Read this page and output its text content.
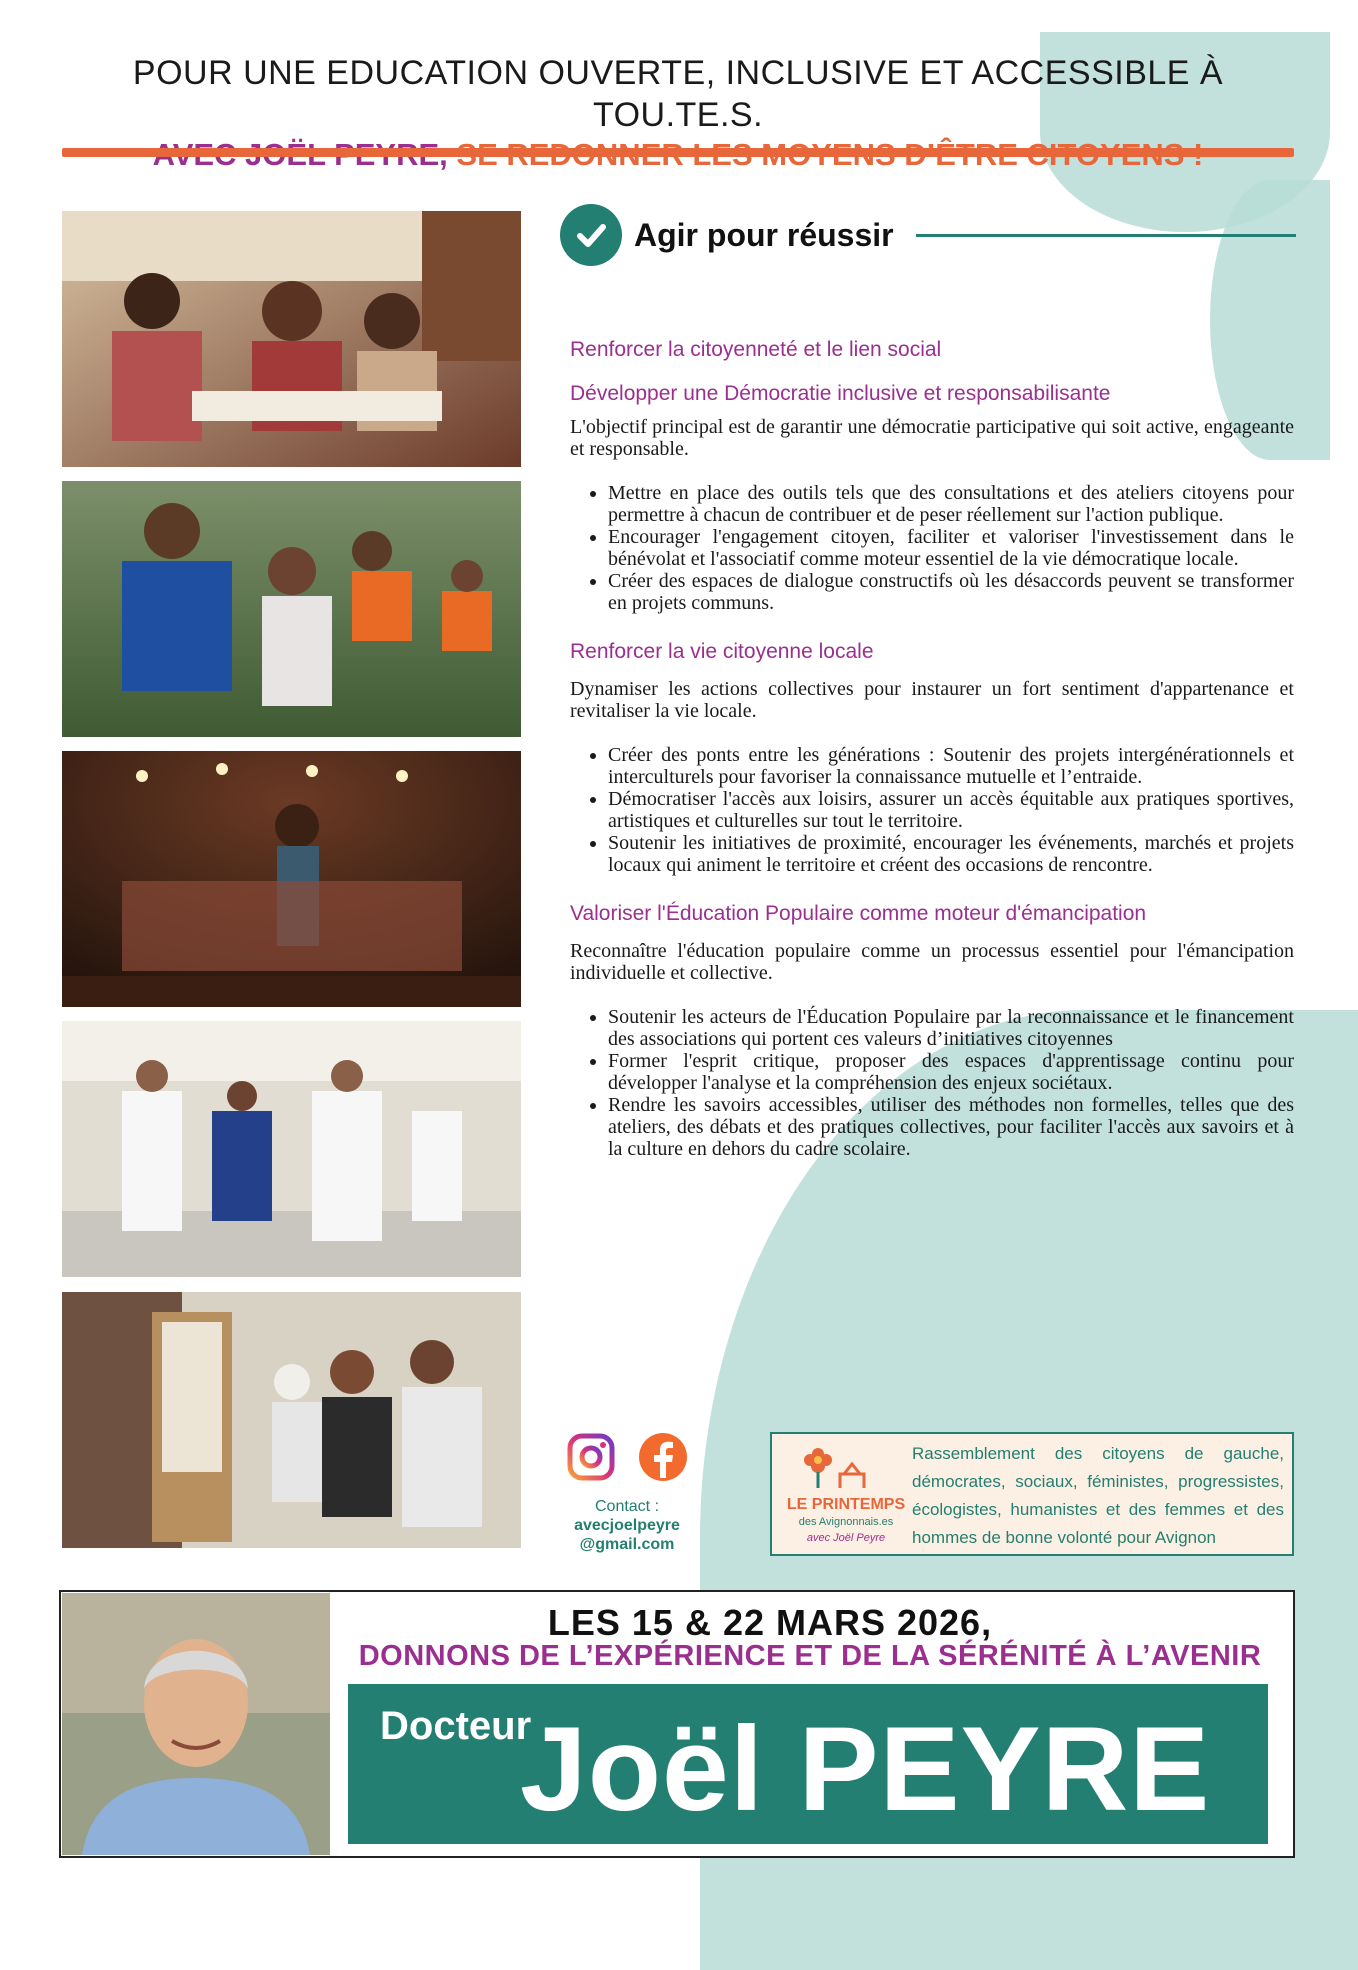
POUR UNE EDUCATION OUVERTE, INCLUSIVE ET ACCESSIBLE À TOU.TE.S.
Agir pour réussir

Renforcer la citoyenneté et le lien social

Développer une Démocratie inclusive et responsabilisante

L'objectif principal est de garantir une démocratie participative qui soit active, engageante et responsable.

• Mettre en place des outils tels que des consultations et des ateliers citoyens pour permettre à chacun de contribuer et de peser réellement sur l'action publique.
• Encourager l'engagement citoyen, faciliter et valoriser l'investissement dans le bénévolat et l'associatif comme moteur essentiel de la vie démocratique locale.
• Créer des espaces de dialogue constructifs où les désaccords peuvent se transformer en projets communs.

Renforcer la vie citoyenne locale

Dynamiser les actions collectives pour instaurer un fort sentiment d'appartenance et revitaliser la vie locale.

• Créer des ponts entre les générations : Soutenir des projets intergénérationnels et interculturels pour favoriser la connaissance mutuelle et l’entraide.
• Démocratiser l'accès aux loisirs, assurer un accès équitable aux pratiques sportives, artistiques et culturelles sur tout le territoire.
• Soutenir les initiatives de proximité, encourager les événements, marchés et projets locaux qui animent le territoire et créent des occasions de rencontre.

Valoriser l'Éducation Populaire comme moteur d'émancipation

Reconnaître l'éducation populaire comme un processus essentiel pour l'émancipation individuelle et collective.

• Soutenir les acteurs de l'Éducation Populaire par la reconnaissance et le financement des associations qui portent ces valeurs d’initiatives citoyennes
• Former l'esprit critique, proposer des espaces d'apprentissage continu pour développer l'analyse et la compréhension des enjeux sociétaux.
• Rendre les savoirs accessibles, utiliser des méthodes non formelles, telles que des ateliers, des débats et des pratiques collectives, pour faciliter l'accès aux savoirs et à la culture en dehors du cadre scolaire.
Contact :
avecjoelpeyre
@gmail.com
LE PRINTEMPS
des Avignonnais.es
avec Joël Peyre
Rassemblement des citoyens de gauche, démocrates, sociaux, féministes, progressistes, écologistes, humanistes et des femmes et des hommes de bonne volonté pour Avignon
LES 15 & 22 MARS 2026,
DONNONS DE L’EXPÉRIENCE ET DE LA SÉRÉNITÉ À L’AVENIR
Docteur
Joël PEYRE
